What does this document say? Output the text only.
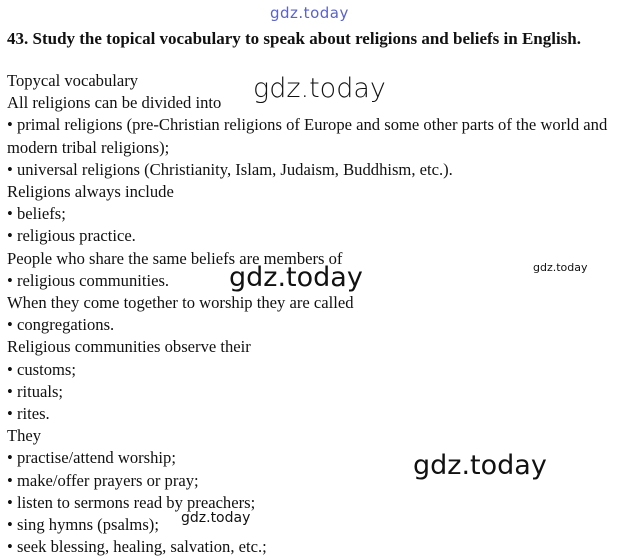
gdz.today
43. Study the topical vocabulary to speak about religions and beliefs in English.
Topycal vocabulary
All religions can be divided into
• primal religions (pre-Christian religions of Europe and some other parts of the world and modern tribal religions);
• universal religions (Christianity, Islam, Judaism, Buddhism, etc.).
Religions always include
• beliefs;
• religious practice.
People who share the same beliefs are members of
• religious communities.
When they come together to worship they are called
• congregations.
Religious communities observe their
• customs;
• rituals;
• rites.
They
• practise/attend worship;
• make/offer prayers or pray;
• listen to sermons read by preachers;
• sing hymns (psalms);
• seek blessing, healing, salvation, etc.;
gdz.today
gdz.today	gdz.today
gdz.today
gdz.today
